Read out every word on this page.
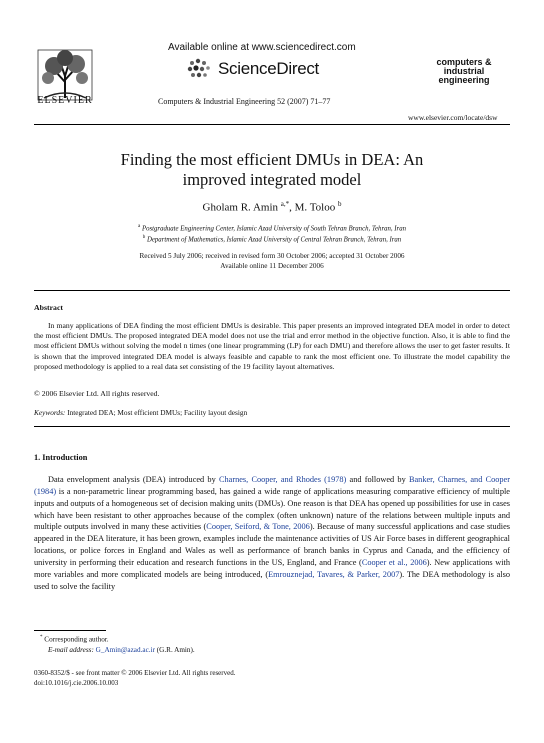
ELSEVIER
Available online at www.sciencedirect.com
ScienceDirect
Computers & Industrial Engineering 52 (2007) 71–77
computers &
industrial
engineering
www.elsevier.com/locate/dsw
Finding the most efficient DMUs in DEA: An
improved integrated model
Gholam R. Amin $^{a,*}$, M. Toloo $^b$
$^a$ Postgraduate Engineering Center, Islamic Azad University of South Tehran Branch, Tehran, Iran
$^b$ Department of Mathematics, Islamic Azad University of Central Tehran Branch, Tehran, Iran
Received 5 July 2006; received in revised form 30 October 2006; accepted 31 October 2006
Available online 11 December 2006
Abstract

In many applications of DEA finding the most efficient DMUs is desirable. This paper presents an improved integrated DEA model in order to detect the most efficient DMUs. The proposed integrated DEA model does not use the trial and error method in the objective function. Also, it is able to find the most efficient DMUs without solving the model n times (one linear programming (LP) for each DMU) and therefore allows the user to get faster results. It is shown that the improved integrated DEA model is always feasible and capable to rank the most efficient one. To illustrate the model capability the proposed methodology is applied to a real data set consisting of the 19 facility layout alternatives.

© 2006 Elsevier Ltd. All rights reserved.
Keywords: Integrated DEA; Most efficient DMUs; Facility layout design
1. Introduction

Data envelopment analysis (DEA) introduced by Charnes, Cooper, and Rhodes (1978) and followed by Banker, Charnes, and Cooper (1984) is a non-parametric linear programming based, has gained a wide range of applications measuring comparative efficiency of multiple inputs and outputs of a homogeneous set of decision making units (DMUs). One reason is that DEA has opened up possibilities for use in cases which have been resistant to other approaches because of the complex (often unknown) nature of the relations between multiple inputs and multiple outputs involved in many these activities (Cooper, Seiford, & Tone, 2006). Because of many successful applications and case studies appeared in the DEA literature, it has been grown, examples include the maintenance activities of US Air Force bases in different geographical locations, or police forces in England and Wales as well as performance of branch banks in Cyprus and Canada, and the efficiency of university in performing their education and research functions in the US, England, and France (Cooper et al., 2006). New applications with more variables and more complicated models are being introduced, (Emrouznejad, Tavares, & Parker, 2007). The DEA methodology is also used to solve the facility

* Corresponding author.
E-mail address: G_Amin@azad.ac.ir (G.R. Amin).
0360-8352/$ - see front matter © 2006 Elsevier Ltd. All rights reserved.
doi:10.1016/j.cie.2006.10.003
